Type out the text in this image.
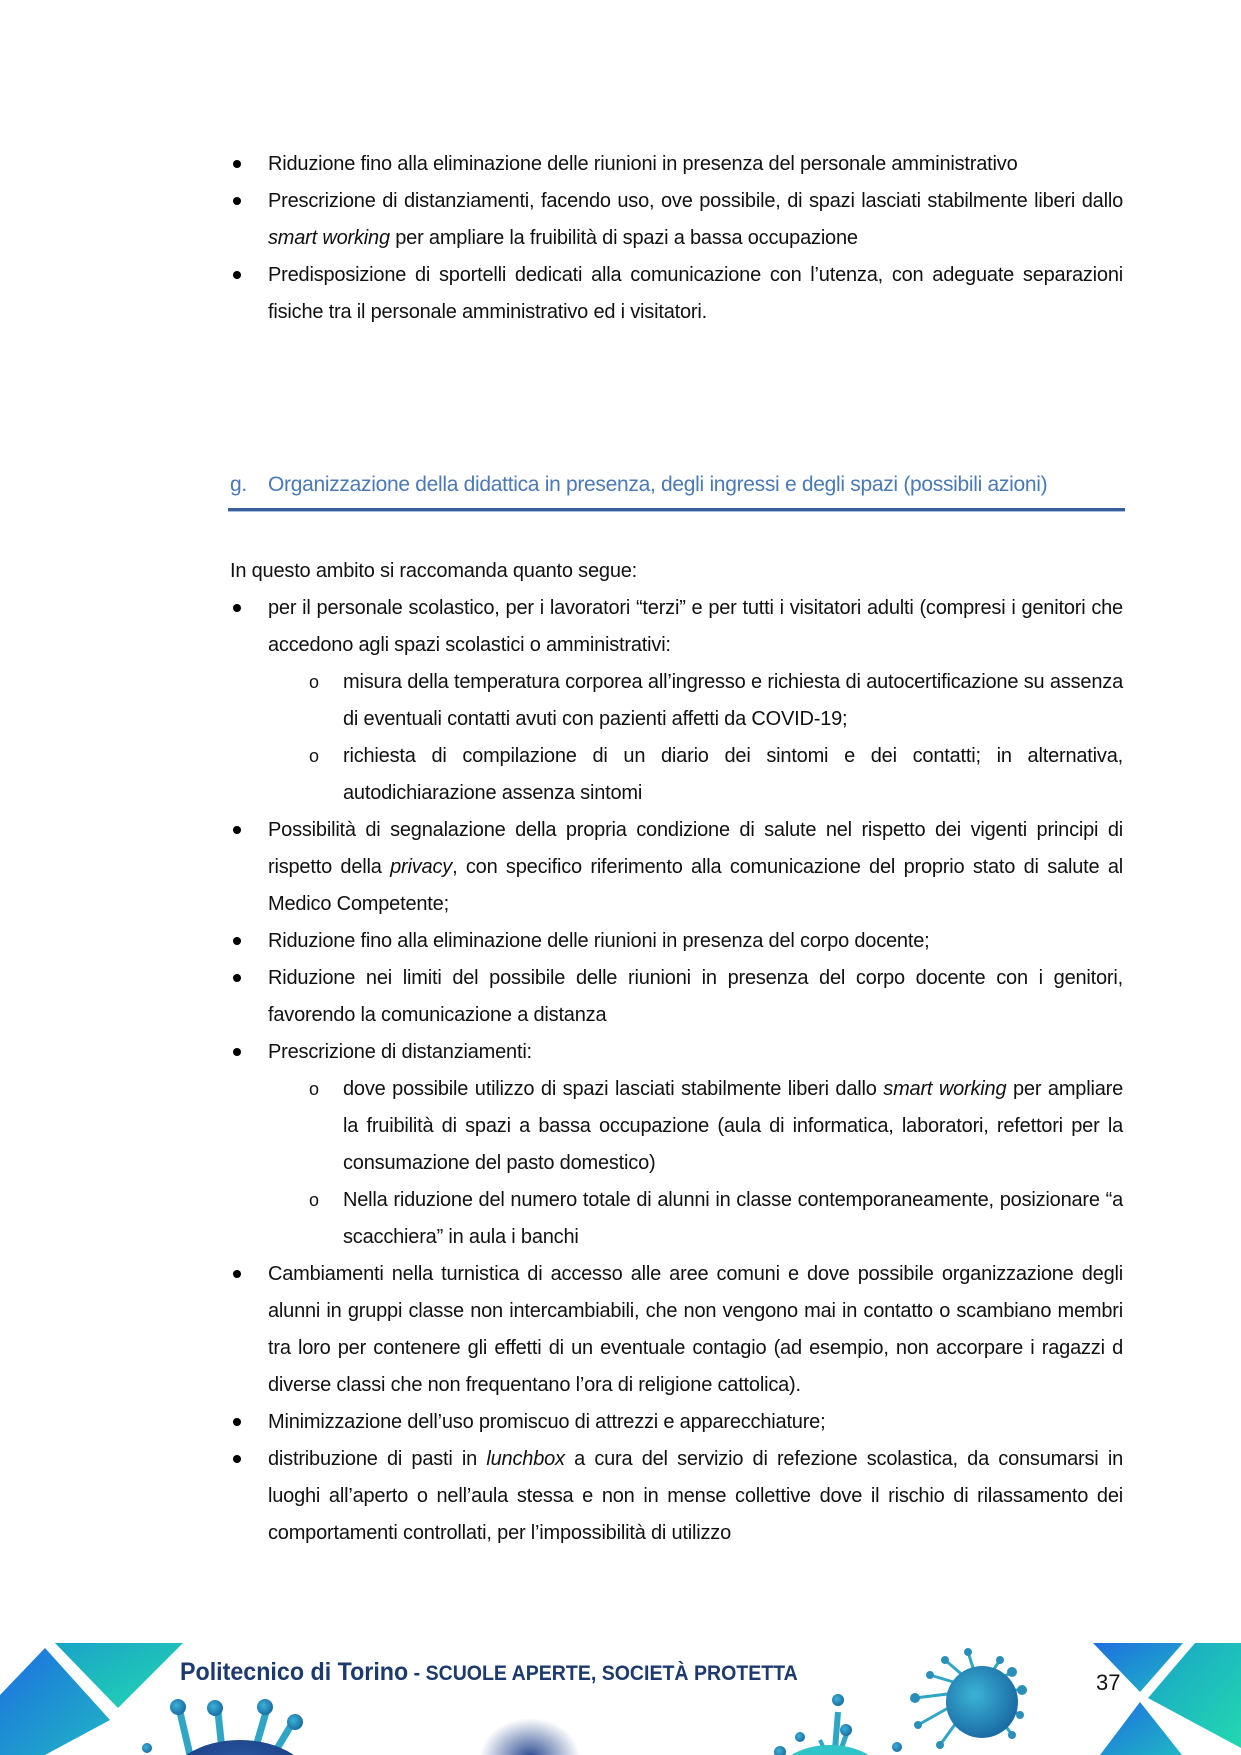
Riduzione fino alla eliminazione delle riunioni in presenza del personale amministrativo
Prescrizione di distanziamenti, facendo uso, ove possibile, di spazi lasciati stabilmente liberi dallo smart working per ampliare la fruibilità di spazi a bassa occupazione
Predisposizione di sportelli dedicati alla comunicazione con l’utenza, con adeguate separazioni fisiche tra il personale amministrativo ed i visitatori.
g. Organizzazione della didattica in presenza, degli ingressi e degli spazi (possibili azioni)

In questo ambito si raccomanda quanto segue:

per il personale scolastico, per i lavoratori “terzi” e per tutti i visitatori adulti (compresi i genitori che accedono agli spazi scolastici o amministrativi:
o misura della temperatura corporea all’ingresso e richiesta di autocertificazione su assenza di eventuali contatti avuti con pazienti affetti da COVID-19;
o richiesta di compilazione di un diario dei sintomi e dei contatti; in alternativa, autodichiarazione assenza sintomi
Possibilità di segnalazione della propria condizione di salute nel rispetto dei vigenti principi di rispetto della privacy, con specifico riferimento alla comunicazione del proprio stato di salute al Medico Competente;
Riduzione fino alla eliminazione delle riunioni in presenza del corpo docente;
Riduzione nei limiti del possibile delle riunioni in presenza del corpo docente con i genitori, favorendo la comunicazione a distanza
Prescrizione di distanziamenti:
o dove possibile utilizzo di spazi lasciati stabilmente liberi dallo smart working per ampliare la fruibilità di spazi a bassa occupazione (aula di informatica, laboratori, refettori per la consumazione del pasto domestico)
o Nella riduzione del numero totale di alunni in classe contemporaneamente, posizionare “a scacchiera” in aula i banchi
Cambiamenti nella turnistica di accesso alle aree comuni e dove possibile organizzazione degli alunni in gruppi classe non intercambiabili, che non vengono mai in contatto o scambiano membri tra loro per contenere gli effetti di un eventuale contagio (ad esempio, non accorpare i ragazzi d diverse classi che non frequentano l’ora di religione cattolica).
Minimizzazione dell’uso promiscuo di attrezzi e apparecchiature;
distribuzione di pasti in lunchbox a cura del servizio di refezione scolastica, da consumarsi in luoghi all’aperto o nell’aula stessa e non in mense collettive dove il rischio di rilassamento dei comportamenti controllati, per l’impossibilità di utilizzo
Politecnico di Torino - SCUOLE APERTE, SOCIETÀ PROTETTA	37
